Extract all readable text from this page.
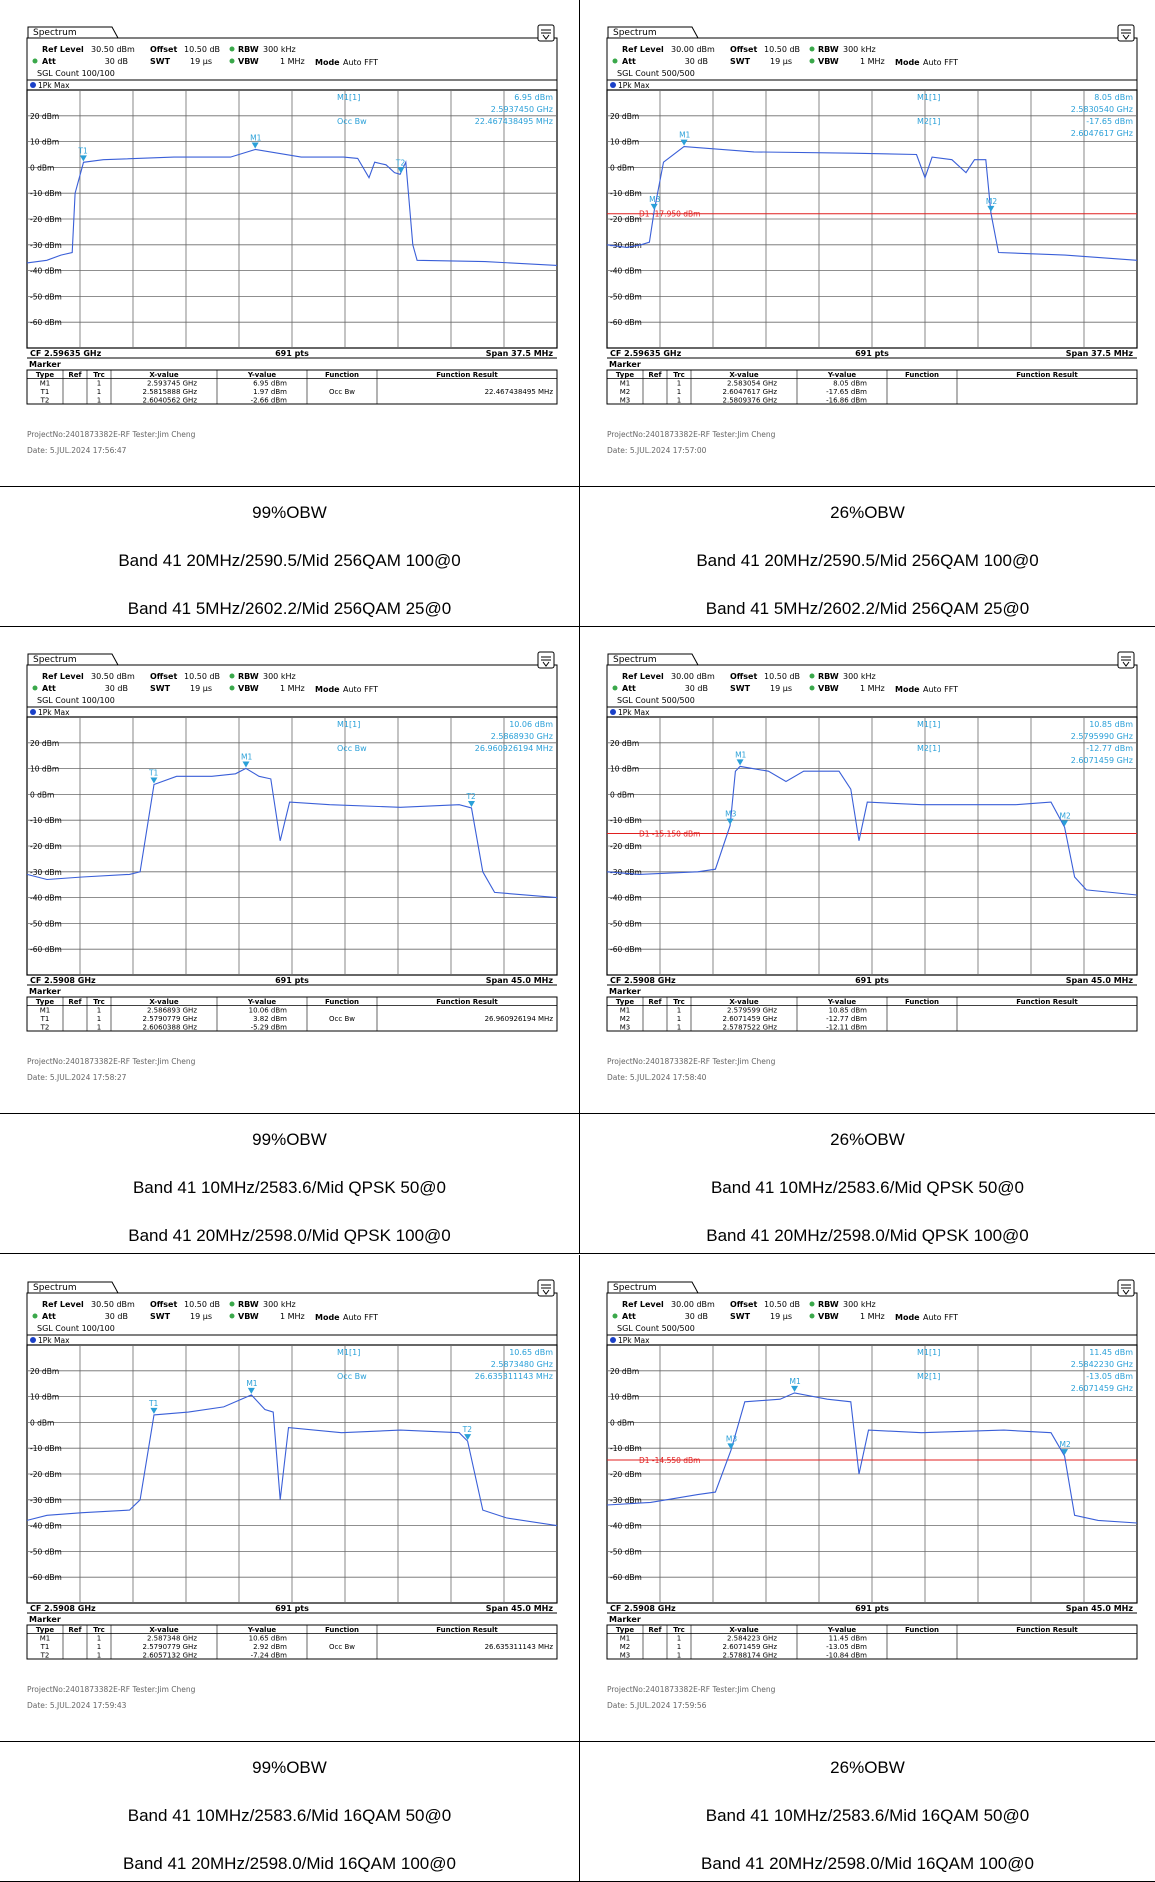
Spectrum
Ref Level 30.50 dBm Offset 10.50 dB RBW 300 kHz
Att	30 dB	SWT 19 µs	VBW	1 MHz Mode Auto FFT
SGL Count 100/100
1Pk Max
20 dBm
10 dBm
0 dBm
-10 dBm
-20 dBm
-30 dBm
-40 dBm
-50 dBm
-60 dBm
M1
T1
T2
M1[1]	6.95 dBm
2.5937450 GHz
Occ Bw	22.467438495 MHz
CF 2.59635 GHz	691 pts	Span 37.5 MHz
Marker
Type Ref Trc	X-value	Y-value	Function	Function Result
M1	1	2.593745 GHz	6.95 dBm
T1	1	2.5815888 GHz	1.97 dBm	Occ Bw	22.467438495 MHz
T2	1	2.6040562 GHz	-2.66 dBm
ProjectNo:2401873382E-RF Tester:Jim Cheng
Date: 5.JUL.2024 17:56:47
99%OBW
Band 41 20MHz/2590.5/Mid 256QAM 100@0
Band 41 5MHz/2602.2/Mid 256QAM 25@0
Spectrum
Ref Level 30.00 dBm Offset 10.50 dB RBW 300 kHz
Att	30 dB	SWT 19 µs	VBW	1 MHz Mode Auto FFT
SGL Count 500/500
1Pk Max
20 dBm
10 dBm
0 dBm
-10 dBm
-20 dBm
-30 dBm
-40 dBm
-50 dBm
-60 dBm
D1 -17.950 dBm
M1
M2
M3
M1[1]	8.05 dBm
2.5830540 GHz
M2[1]	-17.65 dBm
2.6047617 GHz
CF 2.59635 GHz	691 pts	Span 37.5 MHz
Marker
Type Ref Trc	X-value	Y-value	Function	Function Result
M1	1	2.583054 GHz	8.05 dBm
M2	1	2.6047617 GHz	-17.65 dBm
M3	1	2.5809376 GHz	-16.86 dBm
ProjectNo:2401873382E-RF Tester:Jim Cheng
Date: 5.JUL.2024 17:57:00
26%OBW
Band 41 20MHz/2590.5/Mid 256QAM 100@0
Band 41 5MHz/2602.2/Mid 256QAM 25@0
Spectrum
Ref Level 30.50 dBm Offset 10.50 dB RBW 300 kHz
Att	30 dB	SWT 19 µs	VBW	1 MHz Mode Auto FFT
SGL Count 100/100
1Pk Max
20 dBm
10 dBm
0 dBm
-10 dBm
-20 dBm
-30 dBm
-40 dBm
-50 dBm
-60 dBm
M1
T1
T2
M1[1]	10.06 dBm
2.5868930 GHz
Occ Bw	26.960926194 MHz
CF 2.5908 GHz	691 pts	Span 45.0 MHz
Marker
Type Ref Trc	X-value	Y-value	Function	Function Result
M1	1	2.586893 GHz	10.06 dBm
T1	1	2.5790779 GHz	3.82 dBm	Occ Bw	26.960926194 MHz
T2	1	2.6060388 GHz	-5.29 dBm
ProjectNo:2401873382E-RF Tester:Jim Cheng
Date: 5.JUL.2024 17:58:27
99%OBW
Band 41 10MHz/2583.6/Mid QPSK 50@0
Band 41 20MHz/2598.0/Mid QPSK 100@0
Spectrum
Ref Level 30.00 dBm Offset 10.50 dB RBW 300 kHz
Att	30 dB	SWT 19 µs	VBW	1 MHz Mode Auto FFT
SGL Count 500/500
1Pk Max
20 dBm
10 dBm
0 dBm
-10 dBm
-20 dBm
-30 dBm
-40 dBm
-50 dBm
-60 dBm
D1 -15.150 dBm
M1
M2
M3
M1[1]	10.85 dBm
2.5795990 GHz
M2[1]	-12.77 dBm
2.6071459 GHz
CF 2.5908 GHz	691 pts	Span 45.0 MHz
Marker
Type Ref Trc	X-value	Y-value	Function	Function Result
M1	1	2.579599 GHz	10.85 dBm
M2	1	2.6071459 GHz	-12.77 dBm
M3	1	2.5787522 GHz	-12.11 dBm
ProjectNo:2401873382E-RF Tester:Jim Cheng
Date: 5.JUL.2024 17:58:40
26%OBW
Band 41 10MHz/2583.6/Mid QPSK 50@0
Band 41 20MHz/2598.0/Mid QPSK 100@0
Spectrum
Ref Level 30.50 dBm Offset 10.50 dB RBW 300 kHz
Att	30 dB	SWT 19 µs	VBW	1 MHz Mode Auto FFT
SGL Count 100/100
1Pk Max
20 dBm
10 dBm
0 dBm
-10 dBm
-20 dBm
-30 dBm
-40 dBm
-50 dBm
-60 dBm
M1
T1
T2
M1[1]	10.65 dBm
2.5873480 GHz
Occ Bw	26.635311143 MHz
CF 2.5908 GHz	691 pts	Span 45.0 MHz
Marker
Type Ref Trc	X-value	Y-value	Function	Function Result
M1	1	2.587348 GHz	10.65 dBm
T1	1	2.5790779 GHz	2.92 dBm	Occ Bw	26.635311143 MHz
T2	1	2.6057132 GHz	-7.24 dBm
ProjectNo:2401873382E-RF Tester:Jim Cheng
Date: 5.JUL.2024 17:59:43
99%OBW
Band 41 10MHz/2583.6/Mid 16QAM 50@0
Band 41 20MHz/2598.0/Mid 16QAM 100@0
Spectrum
Ref Level 30.00 dBm Offset 10.50 dB RBW 300 kHz
Att	30 dB	SWT 19 µs	VBW	1 MHz Mode Auto FFT
SGL Count 500/500
1Pk Max
20 dBm
10 dBm
0 dBm
-10 dBm
-20 dBm
-30 dBm
-40 dBm
-50 dBm
-60 dBm
D1 -14.550 dBm
M1
M2
M3
M1[1]	11.45 dBm
2.5842230 GHz
M2[1]	-13.05 dBm
2.6071459 GHz
CF 2.5908 GHz	691 pts	Span 45.0 MHz
Marker
Type Ref Trc	X-value	Y-value	Function	Function Result
M1	1	2.584223 GHz	11.45 dBm
M2	1	2.6071459 GHz	-13.05 dBm
M3	1	2.5788174 GHz	-10.84 dBm
ProjectNo:2401873382E-RF Tester:Jim Cheng
Date: 5.JUL.2024 17:59:56
26%OBW
Band 41 10MHz/2583.6/Mid 16QAM 50@0
Band 41 20MHz/2598.0/Mid 16QAM 100@0
